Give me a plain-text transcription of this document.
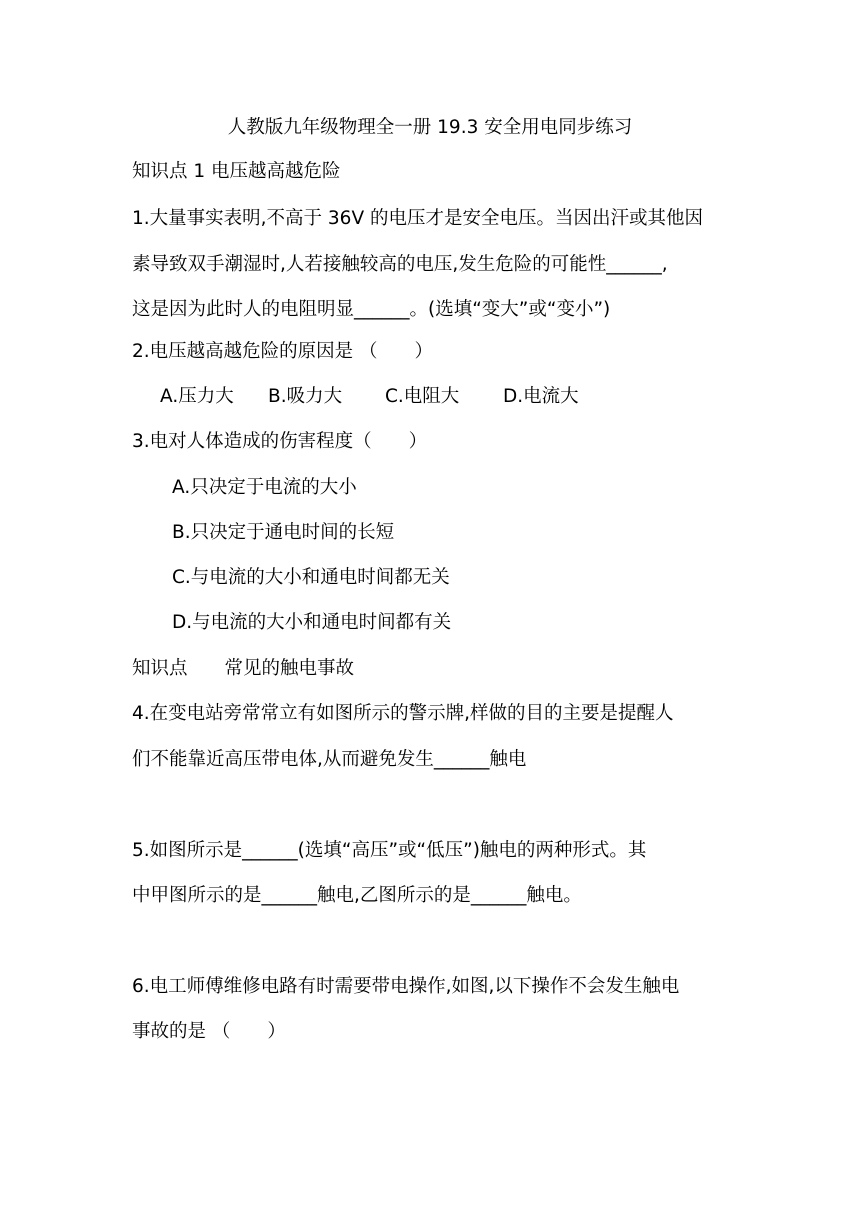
人教版九年级物理全一册 19.3 安全用电同步练习
知识点 1 电压越高越危险
1.大量事实表明,不高于 36V 的电压才是安全电压。当因出汗或其他因
素导致双手潮湿时,人若接触较高的电压,发生危险的可能性______,
这是因为此时人的电阻明显______。(选填“变大”或“变小”)
2.电压越高越危险的原因是 （　　）
A.压力大 B.吸力大 C.电阻大 D.电流大
3.电对人体造成的伤害程度（　　）
A.只决定于电流的大小
B.只决定于通电时间的长短
C.与电流的大小和通电时间都无关
D.与电流的大小和通电时间都有关
知识点　　常见的触电事故
4.在变电站旁常常立有如图所示的警示牌,样做的目的主要是提醒人
们不能靠近高压带电体,从而避免发生______触电
5.如图所示是______(选填“高压”或“低压”)触电的两种形式。其
中甲图所示的是______触电,乙图所示的是______触电。
6.电工师傅维修电路有时需要带电操作,如图,以下操作不会发生触电
事故的是 （　　）
